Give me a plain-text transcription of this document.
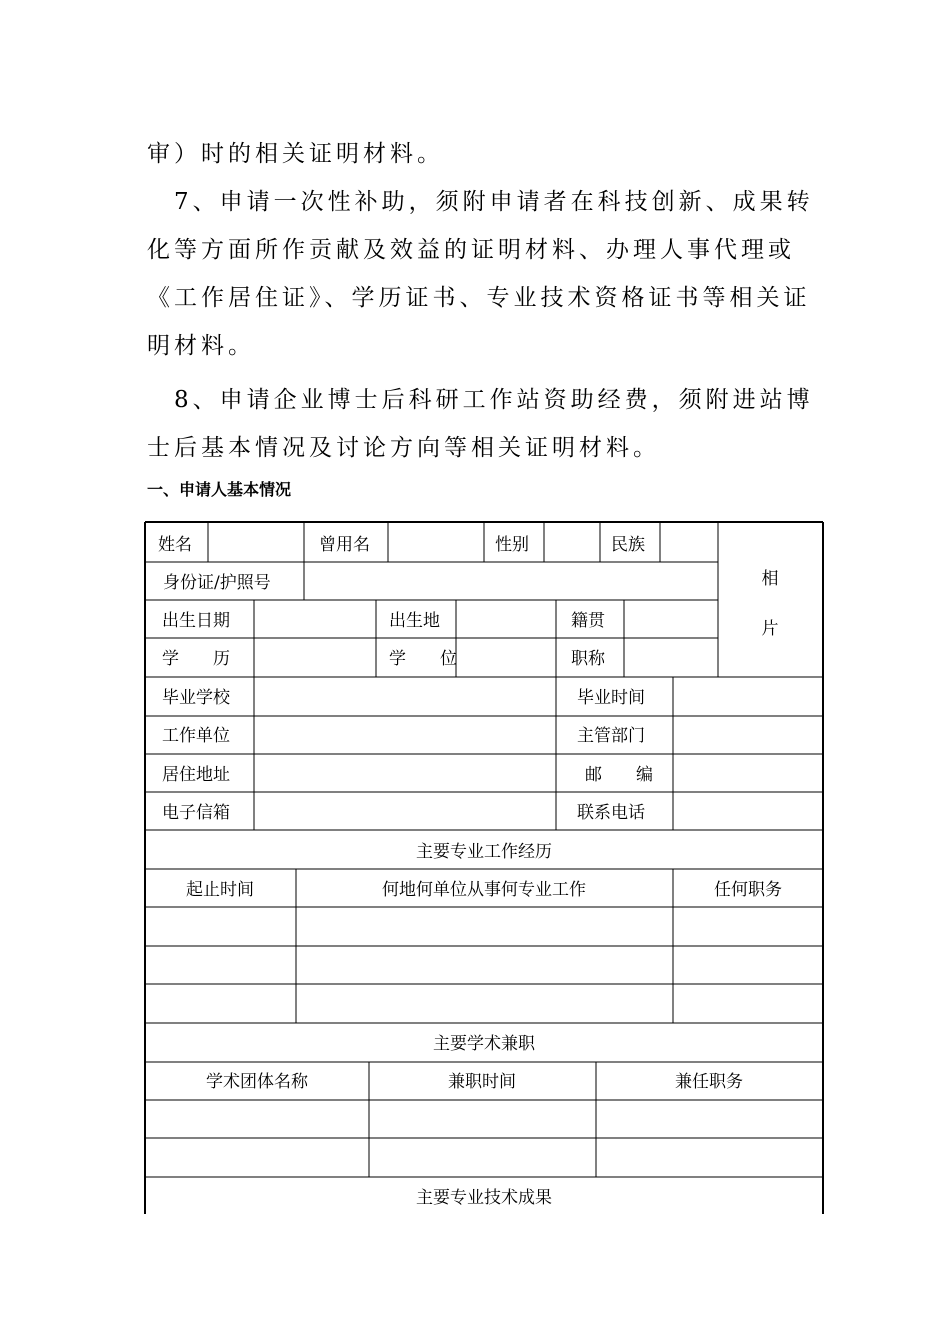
审）时的相关证明材料。
　7、申请一次性补助，须附申请者在科技创新、成果转
化等方面所作贡献及效益的证明材料、办理人事代理或
《工作居住证》、学历证书、专业技术资格证书等相关证
明材料。
　8、申请企业博士后科研工作站资助经费，须附进站博
士后基本情况及讨论方向等相关证明材料。
一、申请人基本情况
姓名	曾用名	性别	民族
相
片
身份证/护照号
出生日期	出生地	籍贯
学　　历	学　　位	职称
毕业学校	毕业时间
工作单位	主管部门
居住地址	邮　　编
电子信箱	联系电话
主要专业工作经历
起止时间	何地何单位从事何专业工作	任何职务
主要学术兼职
学术团体名称	兼职时间	兼任职务
主要专业技术成果
